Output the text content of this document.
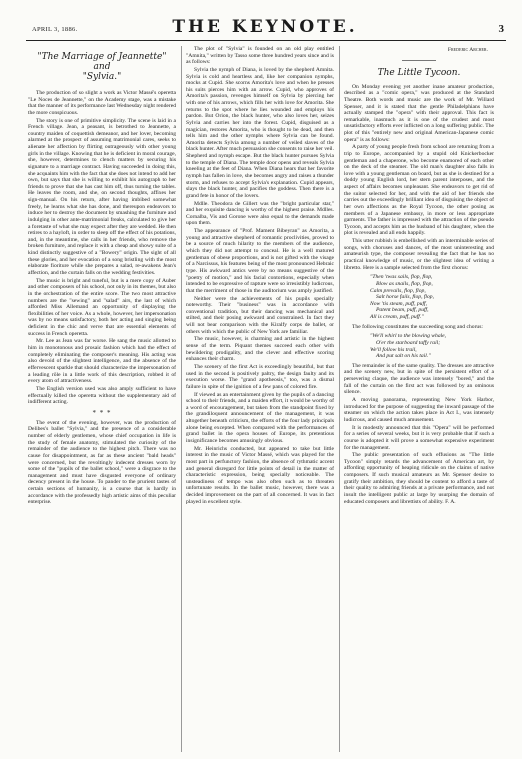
APRIL 3, 1886.	THE KEYNOTE.	3
"The Marriage of Jeannette" and
"Sylvia."

The production of so slight a work as Victor Massé's operetta "Le Noces de Jeannette," on the Academy stage, was a mistake that the manner of its performance last Wednesday night rendered the more conspicuous.

The story is one of primitive simplicity. The scene is laid in a French village. Jean, a peasant, is betrothed to Jeannette, a country maiden of coquettish demeanor, and her lover, becoming alarmed at the prospect of assuming matrimonial cares, seeks to alienate her affection by flirting outrageously with other young girls in the village. Knowing that he is deficient in moral courage, she, however, determines to clench matters by securing his signature to a marriage contract. Having succeeded in doing this, she acquaints him with the fact that she does not intend to add her own, but says that she is willing to exhibit his autograph to her friends to prove that she has cast him off, thus turning the tables. He leaves the room, and she, on second thoughts, affixes her sign-manual. On his return, after having imbibed somewhat freely, he learns what she has done, and thereupon endeavors to induce her to destroy the document by smashing the furniture and indulging in other ante-matrimonial freaks, calculated to give her a foretaste of what she may expect after they are wedded. He then retires to a hayloft, in order to sleep off the effect of his potations, and, in the meantime, she calls in her friends, who remove the broken furniture, and replace it with a cheap and showy suite of a kind distinctly suggestive of a "Bowery" origin. The sight of all these glories, and her evocation of a song bristling with the most elaborate fioriture while she prepares a salad, re-awakens Jean's affection, and the curtain falls on the wedding festivities.

The music is bright and tuneful, but is a mere copy of Auber and other composers of his school, not only in its themes, but also in the orchestration of the entire score. The two most attractive numbers are the "sewing" and "salad" airs, the last of which afforded Miss Allemand an opportunity of displaying the flexibilities of her voice. As a whole, however, her impersonation was by no means satisfactory, both her acting and singing being deficient in the chic and verve that are essential elements of success in French operetta.

Mr. Lee as Jean was far worse. He sang the music allotted to him in monotonous and prosaic fashion which had the effect of completely eliminating the composer's meaning. His acting was also devoid of the slightest intelligence, and the absence of the effervescent sparkle that should characterize the impersonation of a leading rôle in a little work of this description, robbed it of every atom of attractiveness.

The English version used was also amply sufficient to have effectually killed the operetta without the supplementary aid of indifferent acting.

* * *

The event of the evening, however, was the production of Delibes's ballet "Sylvia," and the presence of a considerable number of elderly gentlemen, whose chief occupation in life is the study of female anatomy, stimulated the curiosity of the remainder of the audience to the highest pitch. There was no cause for disappointment, as far as these ancient "bald heads" were concerned, but the revoltingly indecent dresses worn by some of the "pupils of the ballet school," were a disgrace to the management and must have disgusted everyone of ordinary decency present in the house. To pander to the prurient tastes of certain sections of humanity, is a course that is hardly in accordance with the professedly high artistic aims of this peculiar enterprise.

The plot of "Sylvia" is founded on an old play entitled "Amnita," written by Tasso some three hundred years since and is as follows:

Sylvia the nymph of Diana, is loved by the shepherd Amnita. Sylvia is cold and heartless and, like her companion nymphs, mocks at Cupid. She scorns Amorita's love and when he presses his suits pierces him with an arrow. Cupid, who approves of Amorita's passion, revenges himself on Sylvia by piercing her with one of his arrows, which fills her with love for Amorita. She returns to the spot where he lies wounded and employs his pardon. But Orion, the black hunter, who also loves her, seizes Sylvia and carries her into the forest. Cupid, disguised as a magician, restores Amorita, who is thought to be dead, and then tells him and the other nymphs where Sylvia can be found. Amorita detects Sylvia among a number of veiled slaves of the black hunter. After much persuasion she consents to raise her veil. Shepherd and nymph escape. But the black hunter pursues Sylvia to the temple of Diana. The temple door opens and reveals Sylvia kneeling at the feet of Diana. When Diana hears that her favorite nymph has fallen in love, she becomes angry and raises a thunder storm, and refuses to accept Sylvia's explanation. Cupid appears, slays the black hunter, and pacifies the goddess. Then there is a grand fete in honor of the lovers.

Mdlle. Theodora de Gillert was the "bright particular star," and her exquisite dancing is worthy of the highest praise. Mdlles. Cornalba, Vis and Gorone were also equal to the demands made upon them.

The appearance of "Prof. Mament Bibeyran" as Amorita, a young and attractive shepherd of romantic proclivities, proved to be a source of much hilarity to the members of the audience, which they did not attempt to conceal. He is a well matured gentleman of obese proportions, and is not gifted with the visage of a Narcissus, his features being of the most pronounced Hebraic type. His awkward antics were by no means suggestive of the "poetry of motion," and his facial contortions, especially when intended to be expressive of rapture were so irresistibly ludicrous, that the merriment of those in the auditorium was amply justified.

Neither were the achievements of his pupils specially noteworthy. Their "business" was in accordance with conventional tradition, but their dancing was mechanical and stilted, and their posing awkward and constrained. In fact they will not bear comparison with the Kiralfy corps de ballet, or others with which the public of New York are familiar.

The music, however, is charming and artistic in the highest sense of the term. Piquant themes succeed each other with bewildering prodigality, and the clever and effective scoring enhances their charm.

The scenery of the first Act is exceedingly beautiful, but that used in the second is positively paltry, the design faulty and its execution worse. The "grand apotheosis," too, was a dismal failure in spite of the ignition of a few pans of colored fire.

If viewed as an entertainment given by the pupils of a dancing school to their friends, and a maiden effort, it would be worthy of a word of encouragement, but taken from the standpoint fixed by the grandiloquent announcement of the management, it was altogether beneath criticism, the efforts of the four lady principals alone being excepted. When compared with the performances of grand ballet in the opera houses of Europe, its pretentious insignificance becomes amusingly obvious.

Mr. Heinrichs conducted, but appeared to take but little interest in the music of Victor Massé, which was played for the most part in perfunctory fashion, the absence of rythmatic accent and general disregard for little points of detail in the matter of characteristic expression, being specially noticeable. The unsteadiness of tempo was also often such as to threaten unfortunate results. In the ballet music, however, there was a decided improvement on the part of all concerned. It was in fact played in excellent style.

Frederic Archer.
The Little Tycoon.

On Monday evening yet another inane amateur production, described as a "comic opera," was produced at the Standard Theatre. Both words and music are the work of Mr. Willard Spenser, and it is stated that the gentle Philadelphians have actually stamped the "opera" with their approval. This fact is remarkable, inasmuch as it is one of the crudest and most unsatisfactory efforts ever inflicted on a long suffering public. The plot of this "entirely new and original American-Japanese comic opera" is as follows:

A party of young people fresh from school are returning from a trip to Europe, accompanied by a stupid old Knickerbocker gentleman and a chaperone, who become enamored of each other on the deck of the steamer. The old man's daughter also falls in love with a young gentleman on board, but as she is destined for a doddy young English lord, her stern parent interposes, and the aspect of affairs becomes unpleasant. She endeavors to get rid of the suitor selected for her, and with the aid of her friends she carries out the exceedingly brilliant idea of disguising the object of her own affections as the Royal Tycoon, the other posing as members of a Japanese embassy, in more or less appropriate garments. The father is impressed with the attraction of the pseudo Tycoon, and accepts him as the husband of his daughter, when the plot is revealed and all ends happily.

This utter rubbish is embellished with an interminable series of songs, with choruses and dances, of the most uninteresting and amateurish type, the composer revealing the fact that he has no practical knowledge of music, or the slightest idea of writing a libretto. Here is a sample selected from the first chorus:

"Then 'twas sails, flop, flop,
Blow as snails, flop, flop,
Calm prevails, flop, flop,
Salt horse fails, flop, flop,
Now 'tis steam, puff, puff,
Patent beam, puff, puff,
All is cream, puff, puff."

The following constitutes the succeeding song and chorus:

"We'll whirl to the blowing whale,
O'er the starboard taffy rail;
We'll follow his trail,
And put salt on his tail."

The remainder is of the same quality. The dresses are attractive and the scenery new, but in spite of the persistent effort of a persevering claque, the audience was intensely "bored," and the fall of the curtain on the first act was followed by an ominous silence.

A moving panorama, representing New York Harbor, introduced for the purpose of suggesting the inward passage of the steamer on which the action takes place in Act I., was intensely ludicrous, and caused much amusement.

It is modestly announced that this "Opera" will be performed for a series of several weeks, but it is very probable that if such a course is adopted it will prove a somewhat expensive experiment for the management.

The public presentation of such effusions as "The little Tycoon" simply retards the advancement of American art, by affording opportunity of heaping ridicule on the claims of native composers. If such musical amateurs as Mr. Spenser desire to gratify their ambition, they should be content to afford a taste of their quality to admiring friends at a private performance, and not insult the intelligent public at large by usurping the domain of educated composers and librettists of ability. F. A.
